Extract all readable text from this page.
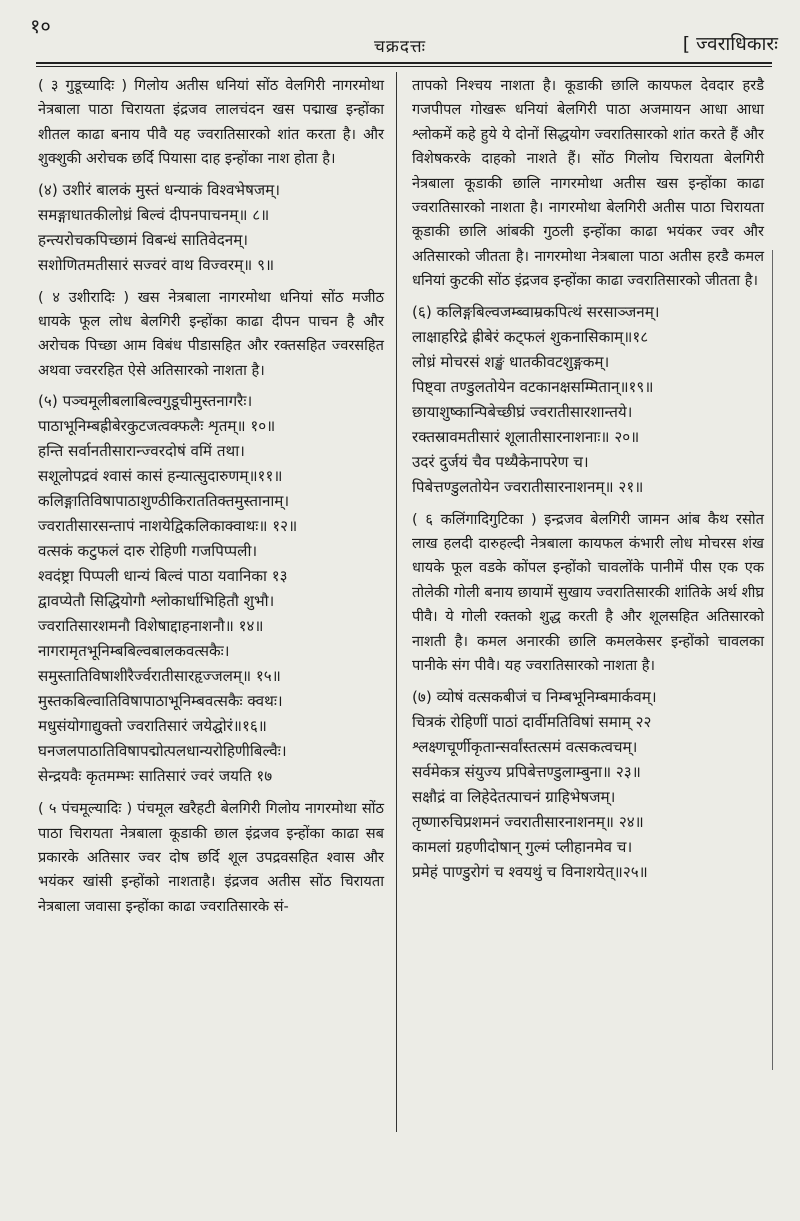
१०
चक्रदत्तः	[ ज्वराधिकारः

( ३ गुडूच्यादिः ) गिलोय अतीस धनियां सोंठ वेलगिरी नागरमोथा नेत्रबाला पाठा चिरायता इंद्रजव लालचंदन खस पद्माख इन्होंका शीतल काढा बनाय पीवै यह ज्वरातिसारको शांत करता है। और शुक्शुकी अरोचक छर्दि पियासा दाह इन्होंका नाश होता है।

(४) उशीरं बालकं मुस्तं धन्याकं विश्वभेषजम्।
समङ्गाधातकीलोध्रं बिल्वं दीपनपाचनम्॥ ८॥
हन्त्यरोचकपिच्छामं विबन्धं सातिवेदनम्।
सशोणितमतीसारं सज्वरं वाथ विज्वरम्॥ ९॥

( ४ उशीरादिः ) खस नेत्रबाला नागरमोथा धनियां सोंठ मजीठ धायके फूल लोध बेलगिरी इन्होंका काढा दीपन पाचन है और अरोचक पिच्छा आम विबंध पीडासहित और रक्तसहित ज्वरसहित अथवा ज्वररहित ऐसे अतिसारको नाशता है।

(५) पञ्चमूलीबलाबिल्वगुडूचीमुस्तनागरैः।
पाठाभूनिम्बह्रीबेरकुटजत्वक्फलैः शृतम्॥ १०॥
हन्ति सर्वानतीसारान्ज्वरदोषं वमिं तथा।
सशूलोपद्रवं श्वासं कासं हन्यात्सुदारुणम्॥११॥
कलिङ्गातिविषापाठाशुण्ठीकिराततिक्तमुस्तानाम्।
ज्वरातीसारसन्तापं नाशयेद्विकलिकाक्वाथः॥ १२॥
वत्सकं कटुफलं दारु रोहिणी गजपिप्पली।
श्वदंष्ट्रा पिप्पली धान्यं बिल्वं पाठा यवानिका १३
द्वावप्येतौ सिद्धियोगौ श्लोकार्धाभिहितौ शुभौ।
ज्वरातिसारशमनौ विशेषाद्दाहनाशनौ॥ १४॥
नागरामृतभूनिम्बबिल्वबालकवत्सकैः।
समुस्तातिविषाशीरैर्ज्वरातीसारहृज्जलम्॥ १५॥
मुस्तकबिल्वातिविषापाठाभूनिम्बवत्सकैः क्वथः।
मधुसंयोगाद्युक्तो ज्वरातिसारं जयेद्घोरं॥१६॥
घनजलपाठातिविषापद्मोत्पलधान्यरोहिणीबिल्वैः।
सेन्द्रयवैः कृतमम्भः सातिसारं ज्वरं जयति १७

( ५ पंचमूल्यादिः ) पंचमूल खरैहटी बेलगिरी गिलोय नागरमोथा सोंठ पाठा चिरायता नेत्रबाला कूडाकी छाल इंद्रजव इन्होंका काढा सब प्रकारके अतिसार ज्वर दोष छर्दि शूल उपद्रवसहित श्वास और भयंकर खांसी इन्होंको नाशताहै। इंद्रजव अतीस सोंठ चिरायता नेत्रबाला जवासा इन्होंका काढा ज्वरातिसारके सं-

तापको निश्चय नाशता है। कूडाकी छालि कायफल देवदार हरडै गजपीपल गोखरू धनियां बेलगिरी पाठा अजमायन आधा आधा श्लोकमें कहे हुये ये दोनों सिद्धयोग ज्वरातिसारको शांत करते हैं और विशेषकरके दाहको नाशते हैं। सोंठ गिलोय चिरायता बेलगिरी नेत्रबाला कूडाकी छालि नागरमोथा अतीस खस इन्होंका काढा ज्वरातिसारको नाशता है। नागरमोथा बेलगिरी अतीस पाठा चिरायता कूडाकी छालि आंबकी गुठली इन्होंका काढा भयंकर ज्वर और अतिसारको जीतता है। नागरमोथा नेत्रबाला पाठा अतीस हरडै कमल धनियां कुटकी सोंठ इंद्रजव इन्होंका काढा ज्वरातिसारको जीतता है।

(६) कलिङ्गबिल्वजम्ब्वाम्रकपित्थं सरसाञ्जनम्।
लाक्षाहरिद्रे ह्रीबेरं कट्फलं शुकनासिकाम्॥१८
लोध्रं मोचरसं शङ्खं धातकीवटशुङ्गकम्।
पिष्ट्वा तण्डुलतोयेन वटकानक्षसम्मितान्॥१९॥
छायाशुष्कान्पिबेच्छीघ्रं ज्वरातीसारशान्तये।
रक्तस्रावमतीसारं शूलातीसारनाशनाः॥ २०॥
उदरं दुर्जयं चैव पथ्यैकेनापरेण च।
पिबेत्तण्डुलतोयेन ज्वरातीसारनाशनम्॥ २१॥

( ६ कलिंगादिगुटिका ) इन्द्रजव बेलगिरी जामन आंब कैथ रसोत लाख हलदी दारुहल्दी नेत्रबाला कायफल कंभारी लोध मोचरस शंख धायके फूल वडके कोंपल इन्होंको चावलोंके पानीमें पीस एक एक तोलेकी गोली बनाय छायामें सुखाय ज्वरातिसारकी शांतिके अर्थ शीघ्र पीवै। ये गोली रक्तको शुद्ध करती है और शूलसहित अतिसारको नाशती है। कमल अनारकी छालि कमलकेसर इन्होंको चावलका पानीके संग पीवै। यह ज्वरातिसारको नाशता है।

(७) व्योषं वत्सकबीजं च निम्बभूनिम्बमार्कवम्।
चित्रकं रोहिणीं पाठां दार्वीमतिविषां समाम् २२
श्लक्ष्णचूर्णीकृतान्सर्वांस्तत्समं वत्सकत्वचम्।
सर्वमेकत्र संयुज्य प्रपिबेत्तण्डुलाम्बुना॥ २३॥
सक्षौद्रं वा लिहेदेतत्पाचनं ग्राहिभेषजम्।
तृष्णारुचिप्रशमनं ज्वरातीसारनाशनम्॥ २४॥
कामलां ग्रहणीदोषान् गुल्मं प्लीहानमेव च।
प्रमेहं पाण्डुरोगं च श्वयथुं च विनाशयेत्॥२५॥
